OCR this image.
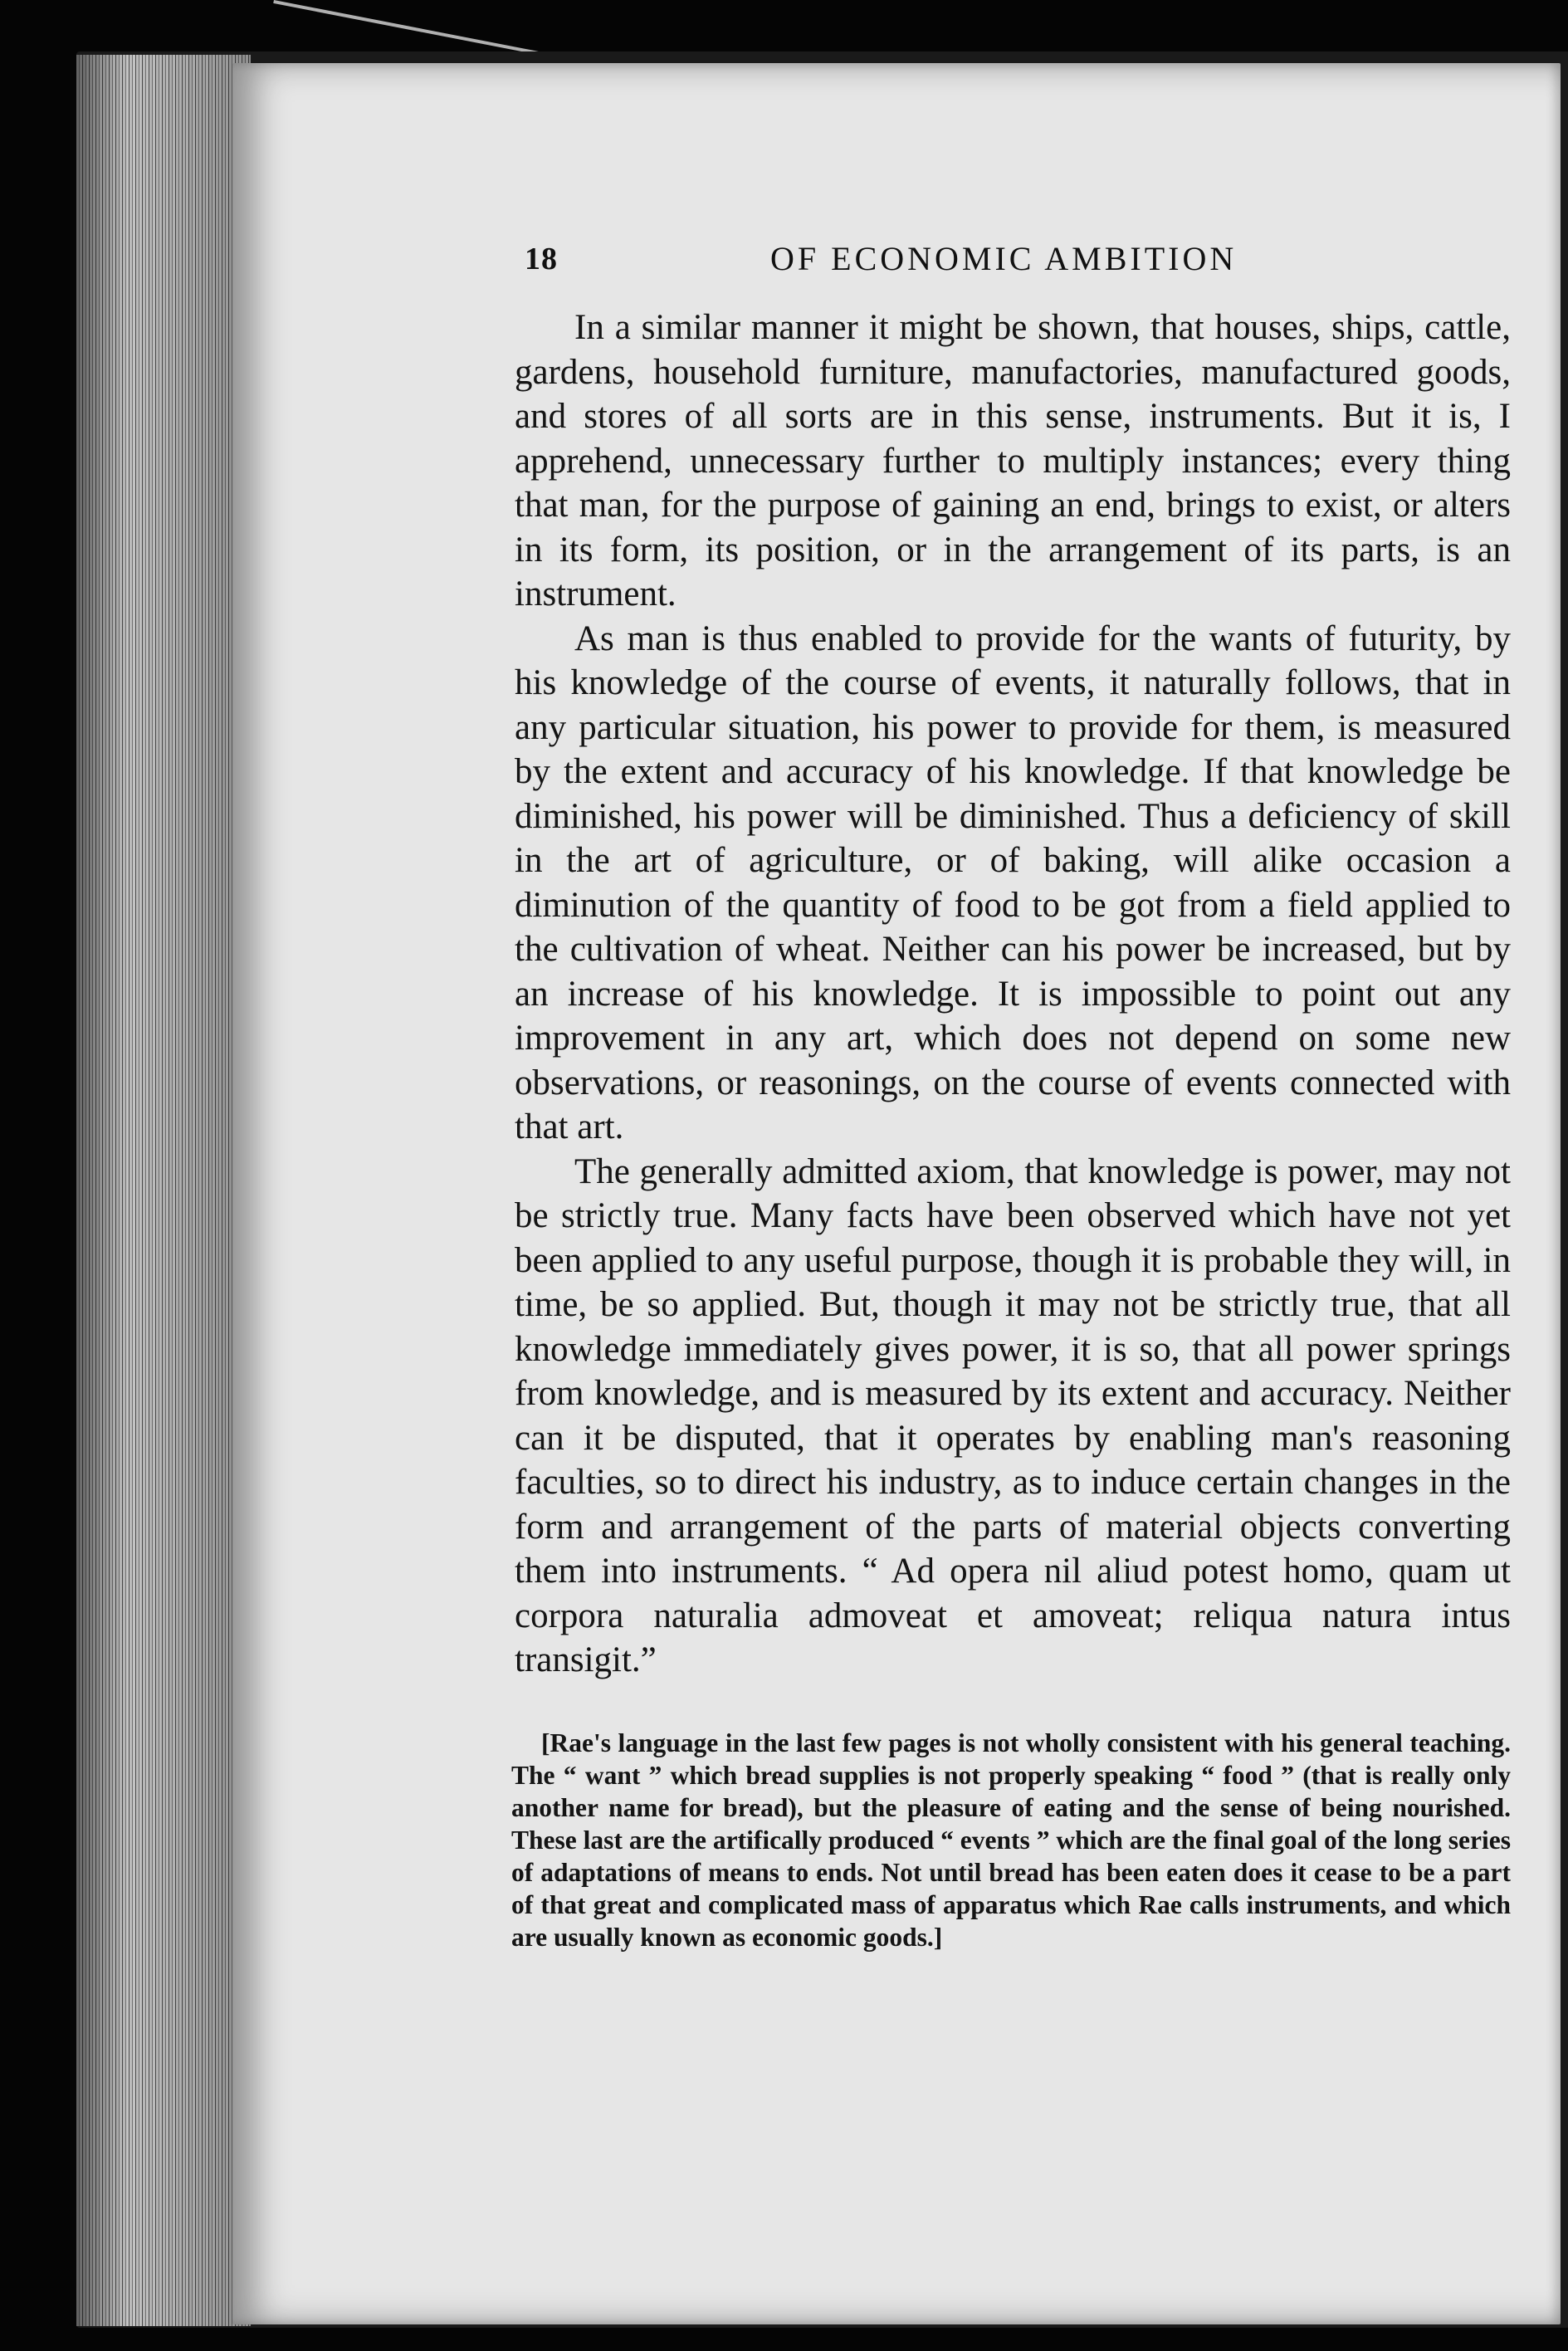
18	OF ECONOMIC AMBITION

In a similar manner it might be shown, that houses, ships, cattle, gardens, household furniture, manufactories, manufactured goods, and stores of all sorts are in this sense, instruments. But it is, I apprehend, unnecessary further to multiply instances; every thing that man, for the purpose of gaining an end, brings to exist, or alters in its form, its position, or in the arrangement of its parts, is an instrument.

As man is thus enabled to provide for the wants of futurity, by his knowledge of the course of events, it naturally follows, that in any particular situation, his power to provide for them, is measured by the extent and accuracy of his knowledge. If that knowledge be diminished, his power will be diminished. Thus a deficiency of skill in the art of agriculture, or of baking, will alike occasion a diminution of the quantity of food to be got from a field applied to the cultivation of wheat. Neither can his power be increased, but by an increase of his knowledge. It is impossible to point out any improvement in any art, which does not depend on some new observations, or reasonings, on the course of events connected with that art.

The generally admitted axiom, that knowledge is power, may not be strictly true. Many facts have been observed which have not yet been applied to any useful purpose, though it is probable they will, in time, be so applied. But, though it may not be strictly true, that all knowledge immediately gives power, it is so, that all power springs from knowledge, and is measured by its extent and accuracy. Neither can it be disputed, that it operates by enabling man's reasoning faculties, so to direct his industry, as to induce certain changes in the form and arrangement of the parts of material objects converting them into instruments. “ Ad opera nil aliud potest homo, quam ut corpora naturalia admoveat et amoveat; reliqua natura intus transigit.”

[Rae's language in the last few pages is not wholly consistent with his general teaching. The “ want ” which bread supplies is not properly speaking “ food ” (that is really only another name for bread), but the pleasure of eating and the sense of being nourished. These last are the artifically produced “ events ” which are the final goal of the long series of adaptations of means to ends. Not until bread has been eaten does it cease to be a part of that great and complicated mass of apparatus which Rae calls instruments, and which are usually known as economic goods.]
